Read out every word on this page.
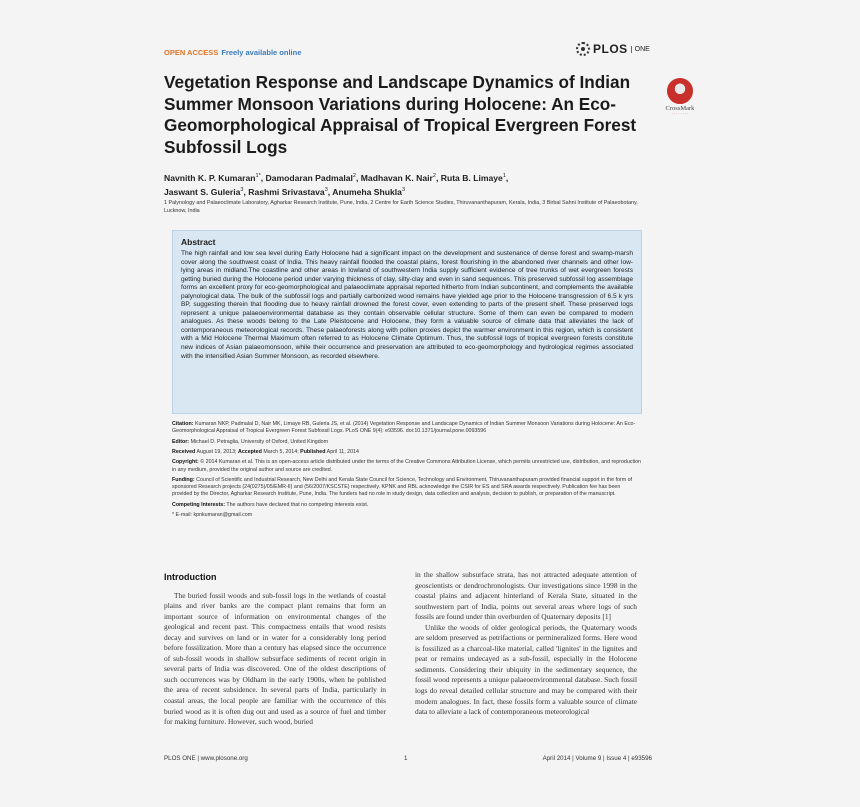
OPEN ACCESS Freely available online	PLOS	ONE
Vegetation Response and Landscape Dynamics of Indian Summer Monsoon Variations during Holocene: An Eco-Geomorphological Appraisal of Tropical Evergreen Forest Subfossil Logs
CrossMark
· · · · · · · ·
Navnith K. P. Kumaran$^{1*}$, Damodaran Padmalal$^2$, Madhavan K. Nair$^2$, Ruta B. Limaye$^1$,
Jaswant S. Guleria$^3$, Rashmi Srivastava$^3$, Anumeha Shukla$^3$
1 Palynology and Palaeoclimate Laboratory, Agharkar Research Institute, Pune, India, 2 Centre for Earth Science Studies, Thiruvananthapuram, Kerala, India, 3 Birbal Sahni Institute of Palaeobotany, Lucknow, India
Abstract

The high rainfall and low sea level during Early Holocene had a significant impact on the development and sustenance of dense forest and swamp-marsh cover along the southwest coast of India. This heavy rainfall flooded the coastal plains, forest flourishing in the abandoned river channels and other low-lying areas in midland.The coastline and other areas in lowland of southwestern India supply sufficient evidence of tree trunks of wet evergreen forests getting buried during the Holocene period under varying thickness of clay, silty-clay and even in sand sequences. This preserved subfossil log assemblage forms an excellent proxy for eco-geomorphological and palaeoclimate appraisal reported hitherto from Indian subcontinent, and complements the available palynological data. The bulk of the subfossil logs and partially carbonized wood remains have yielded age prior to the Holocene transgression of 6.5 k yrs BP, suggesting therein that flooding due to heavy rainfall drowned the forest cover, even extending to parts of the present shelf. These preserved logs represent a unique palaeoenvironmental database as they contain observable cellular structure. Some of them can even be compared to modern analogues. As these woods belong to the Late Pleistocene and Holocene, they form a valuable source of climate data that alleviates the lack of contemporaneous meteorological records. These palaeoforests along with pollen proxies depict the warmer environment in this region, which is consistent with a Mid Holocene Thermal Maximum often referred to as Holocene Climate Optimum. Thus, the subfossil logs of tropical evergreen forests constitute new indices of Asian palaeomonsoon, while their occurrence and preservation are attributed to eco-geomorphology and hydrological regimes associated with the intensified Asian Summer Monsoon, as recorded elsewhere.

Citation: Kumaran NKP, Padmalal D, Nair MK, Limaye RB, Guleria JS, et al. (2014) Vegetation Response and Landscape Dynamics of Indian Summer Monsoon Variations during Holocene: An Eco-Geomorphological Appraisal of Tropical Evergreen Forest Subfossil Logs. PLoS ONE 9(4): e93596. doi:10.1371/journal.pone.0093596

Editor: Michael D. Petraglia, University of Oxford, United Kingdom

Received August 19, 2013; Accepted March 5, 2014; Published April 11, 2014

Copyright: © 2014 Kumaran et al. This is an open-access article distributed under the terms of the Creative Commons Attribution License, which permits unrestricted use, distribution, and reproduction in any medium, provided the original author and source are credited.

Funding: Council of Scientific and Industrial Research, New Delhi and Kerala State Council for Science, Technology and Environment, Thiruvananthapuram provided financial support in the form of sponsored Research projects (24(0275)/05/EMR-II) and (56/2007/KSCSTE) respectively. KPNK and RBL acknowledge the CSIR for ES and SRA awards respectively. Publication fee has been provided by the Director, Agharkar Research Institute, Pune, India. The funders had no role in study design, data collection and analysis, decision to publish, or preparation of the manuscript.

Competing Interests: The authors have declared that no competing interests exist.

* E-mail: kpnkumaran@gmail.com

Introduction

The buried fossil woods and sub-fossil logs in the wetlands of coastal plains and river banks are the compact plant remains that form an important source of information on environmental changes of the geological and recent past. This compactness entails that wood resists decay and survives on land or in water for a considerably long period before fossilization. More than a century has elapsed since the occurrence of sub-fossil woods in shallow subsurface sediments of recent origin in several parts of India was discovered. One of the oldest descriptions of such occurrences was by Oldham in the early 1900s, when he published the area of recent subsidence. In several parts of India, particularly in coastal areas, the local people are familiar with the occurrence of this buried wood as it is often dug out and used as a source of fuel and timber for making furniture. However, such wood, buried

in the shallow subsurface strata, has not attracted adequate attention of geoscientists or dendrochronologists. Our investigations since 1998 in the coastal plains and adjacent hinterland of Kerala State, situated in the southwestern part of India, points out several areas where logs of such fossils are found under thin overburden of Quaternary deposits [1]

Unlike the woods of older geological periods, the Quaternary woods are seldom preserved as petrifactions or permineralized forms. Here wood is fossilized as a charcoal-like material, called 'lignites' in the lignites and peat or remains undecayed as a sub-fossil, especially in the Holocene sediments. Considering their ubiquity in the sedimentary sequence, the fossil wood represents a unique palaeoenvironmental database. Such fossil logs do reveal detailed cellular structure and may be compared with their modern analogues. In fact, these fossils form a valuable source of climate data to alleviate a lack of contemporaneous meteorological

PLOS ONE | www.plosone.org	1	April 2014 | Volume 9 | Issue 4 | e93596
